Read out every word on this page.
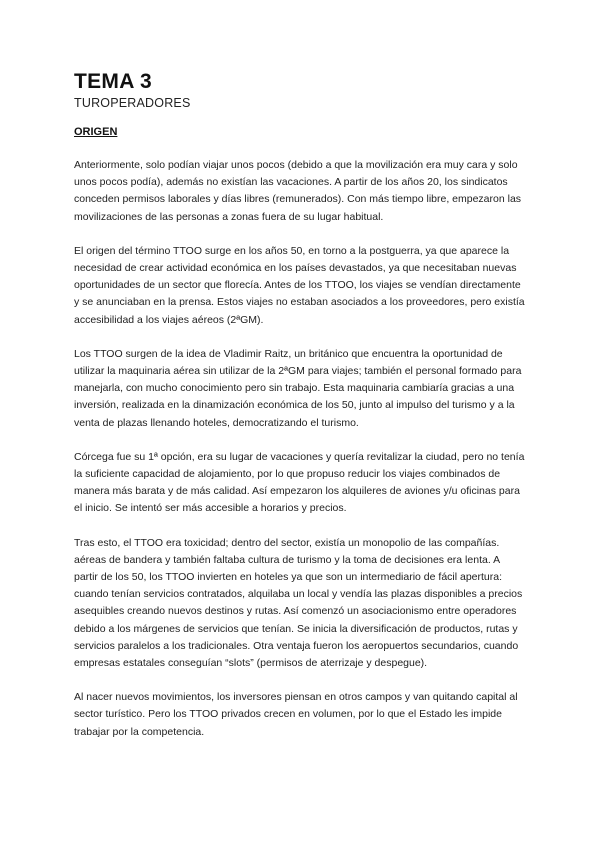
TEMA 3
TUROPERADORES
ORIGEN

Anteriormente, solo podían viajar unos pocos (debido a que la movilización era muy cara y solo unos pocos podía), además no existían las vacaciones. A partir de los años 20, los sindicatos conceden permisos laborales y días libres (remunerados). Con más tiempo libre, empezaron las movilizaciones de las personas a zonas fuera de su lugar habitual.

El origen del término TTOO surge en los años 50, en torno a la postguerra, ya que aparece la necesidad de crear actividad económica en los países devastados, ya que necesitaban nuevas oportunidades de un sector que florecía. Antes de los TTOO, los viajes se vendían directamente y se anunciaban en la prensa. Estos viajes no estaban asociados a los proveedores, pero existía accesibilidad a los viajes aéreos (2ªGM).

Los TTOO surgen de la idea de Vladimir Raitz, un británico que encuentra la oportunidad de utilizar la maquinaria aérea sin utilizar de la 2ªGM para viajes; también el personal formado para manejarla, con mucho conocimiento pero sin trabajo. Esta maquinaria cambiaría gracias a una inversión, realizada en la dinamización económica de los 50, junto al impulso del turismo y a la venta de plazas llenando hoteles, democratizando el turismo.

Córcega fue su 1ª opción, era su lugar de vacaciones y quería revitalizar la ciudad, pero no tenía la suficiente capacidad de alojamiento, por lo que propuso reducir los viajes combinados de manera más barata y de más calidad. Así empezaron los alquileres de aviones y/u oficinas para el inicio. Se intentó ser más accesible a horarios y precios.

Tras esto, el TTOO era toxicidad; dentro del sector, existía un monopolio de las compañías. aéreas de bandera y también faltaba cultura de turismo y la toma de decisiones era lenta. A partir de los 50, los TTOO invierten en hoteles ya que son un intermediario de fácil apertura: cuando tenían servicios contratados, alquilaba un local y vendía las plazas disponibles a precios asequibles creando nuevos destinos y rutas. Así comenzó un asociacionismo entre operadores debido a los márgenes de servicios que tenían. Se inicia la diversificación de productos, rutas y servicios paralelos a los tradicionales. Otra ventaja fueron los aeropuertos secundarios, cuando empresas estatales conseguían “slots” (permisos de aterrizaje y despegue).

Al nacer nuevos movimientos, los inversores piensan en otros campos y van quitando capital al sector turístico. Pero los TTOO privados crecen en volumen, por lo que el Estado les impide trabajar por la competencia.
